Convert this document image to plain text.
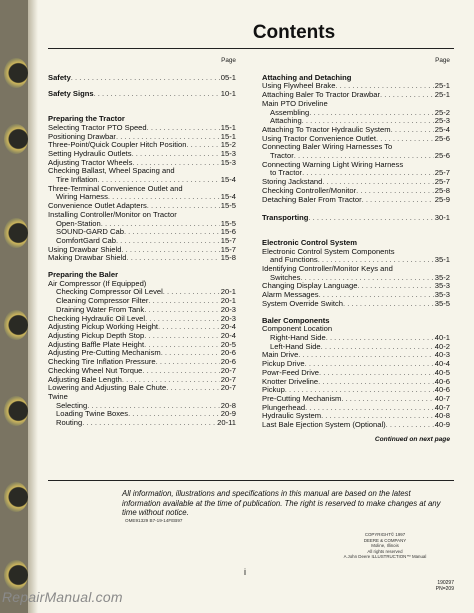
Contents
Page
Safety . . .	05-1
Safety Signs . . .	10-1
Preparing the Tractor
Selecting Tractor PTO Speed . . .	15-1
Positioning Drawbar . . .	15-1
Three-Point/Quick Coupler Hitch Position . . .	15-2
Setting Hydraulic Outlets . . .	15-3
Adjusting Tractor Wheels . . .	15-3
Checking Ballast, Wheel Spacing and
Tire Inflation . . .	15-4
Three-Terminal Convenience Outlet and
Wiring Harness . . .	15-4
Convenience Outlet Adapters . . .	15-5
Installing Controller/Monitor on Tractor
Open-Station . . .	15-5
SOUND-GARD Cab . . .	15-6
ComfortGard Cab . . .	15-7
Using Drawbar Shield . . .	15-7
Making Drawbar Shield . . .	15-8
Preparing the Baler
Air Compressor (If Equipped)
Checking Compressor Oil Level . . .	20-1
Cleaning Compressor Filter . . .	20-1
Draining Water From Tank . . .	20-3
Checking Hydraulic Oil Level . . .	20-3
Adjusting Pickup Working Height . . .	20-4
Adjusting Pickup Depth Stop . . .	20-4
Adjusting Baffle Plate Height . . .	20-5
Adjusting Pre-Cutting Mechanism . . .	20-6
Checking Tire Inflation Pressure . . .	20-6
Checking Wheel Nut Torque . . .	20-7
Adjusting Bale Length . . .	20-7
Lowering and Adjusting Bale Chute . . .	20-7
Twine
Selecting . . .	20-8
Loading Twine Boxes . . .	20-9
Routing . . .	20-11
Page
Attaching and Detaching
Using Flywheel Brake . . .	25-1
Attaching Baler To Tractor Drawbar . . .	25-1
Main PTO Driveline
Assembling . . .	25-2
Attaching . . .	25-3
Attaching To Tractor Hydraulic System . . .	25-4
Using Tractor Convenience Outlet . . .	25-6
Connecting Baler Wiring Harnesses To
Tractor . . .	25-6
Connecting Warning Light Wiring Harness
to Tractor . . .	25-7
Storing Jackstand . . .	25-7
Checking Controller/Monitor . . .	25-8
Detaching Baler From Tractor . . .	25-9
Transporting . . .	30-1
Electronic Control System
Electronic Control System Components
and Functions . . .	35-1
Identifying Controller/Monitor Keys and
Switches . . .	35-2
Changing Display Language . . .	35-3
Alarm Messages . . .	35-3
System Override Switch . . .	35-5
Baler Components
Component Location
Right-Hand Side . . .	40-1
Left-Hand Side . . .	40-2
Main Drive . . .	40-3
Pickup Drive . . .	40-4
Powr-Feed Drive . . .	40-5
Knotter Driveline . . .	40-6
Pickup . . .	40-6
Pre-Cutting Mechanism . . .	40-7
Plungerhead . . .	40-7
Hydraulic System . . .	40-8
Last Bale Ejection System (Optional) . . .	40-9
Continued on next page
All information, illustrations and specifications in this manual are based on the latest information available at the time of publication. The right is reserved to make changes at any time without notice.
OME91329 B7-19-14FEB97
COPYRIGHT© 1997
DEERE & COMPANY
Moline, Illinois
All rights reserved
A John Deere ILLUSTRUCTION™ Manual
i
190297
PN=209
RepairManual.com
